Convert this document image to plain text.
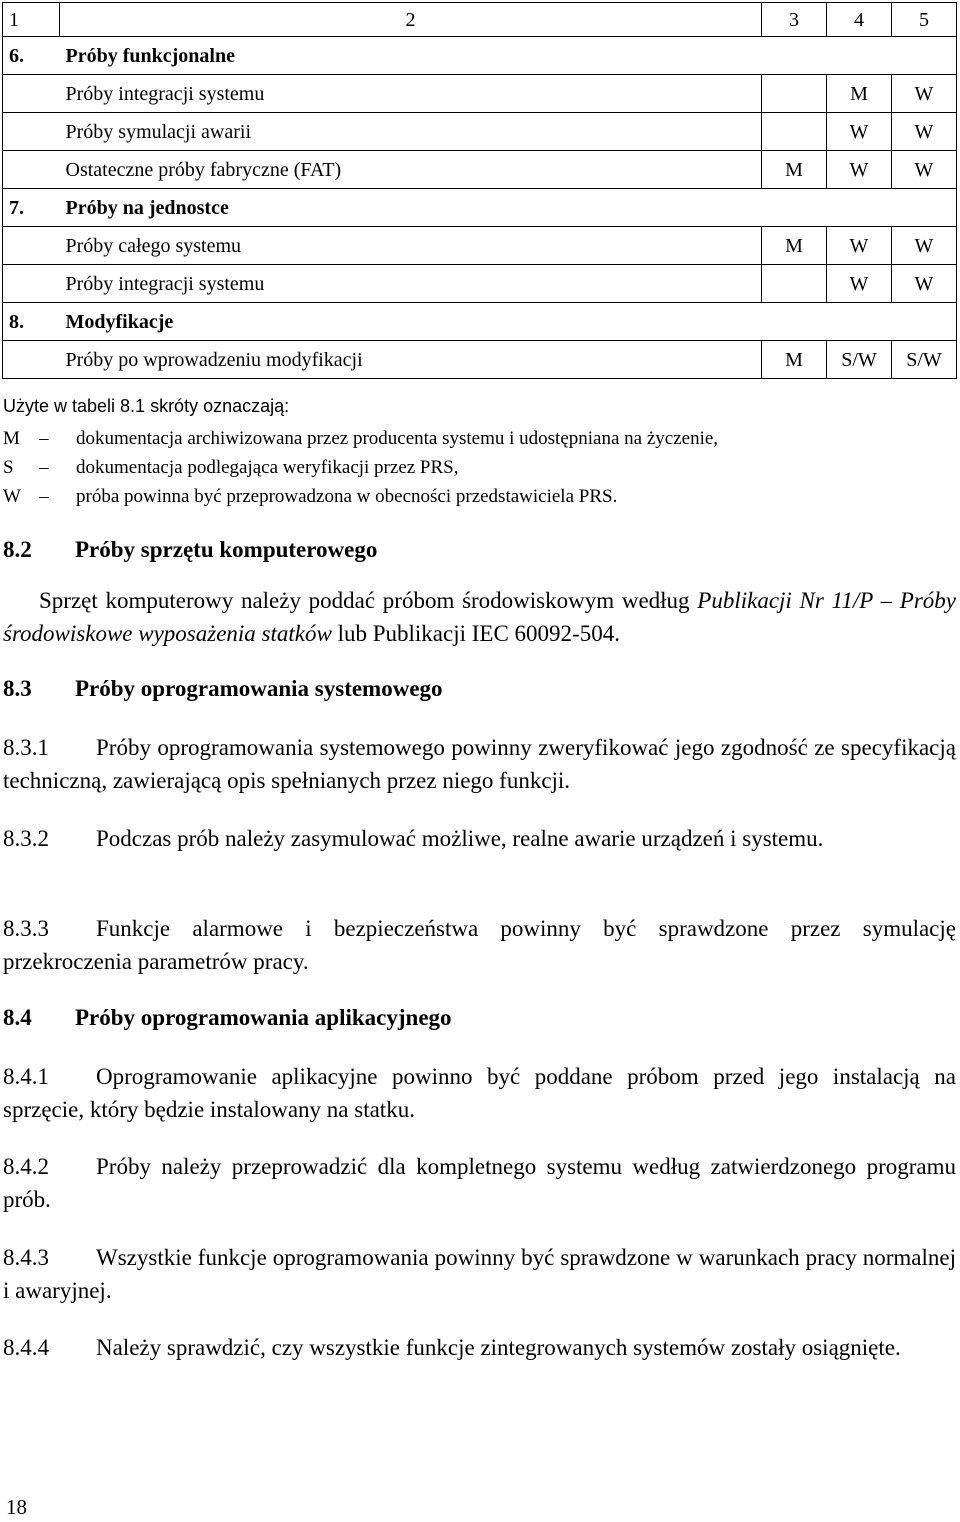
1	2	3	4	5
6.	Próby funkcjonalne			
	Próby integracji systemu		M	W
	Próby symulacji awarii		W	W
	Ostateczne próby fabryczne (FAT)	M	W	W
7.	Próby na jednostce			
	Próby całego systemu	M	W	W
	Próby integracji systemu		W	W
8.	Modyfikacje			
	Próby po wprowadzeniu modyfikacji	M	S/W	S/W
Użyte w tabeli 8.1 skróty oznaczają:
M – dokumentacja archiwizowana przez producenta systemu i udostępniana na życzenie,
S – dokumentacja podlegająca weryfikacji przez PRS,
W – próba powinna być przeprowadzona w obecności przedstawiciela PRS.
8.2 Próby sprzętu komputerowego
Sprzęt komputerowy należy poddać próbom środowiskowym według Publikacji Nr 11/P – Próby środowiskowe wyposażenia statków lub Publikacji IEC 60092-504.
8.3 Próby oprogramowania systemowego
8.3.1 Próby oprogramowania systemowego powinny zweryfikować jego zgodność ze specyfikacją techniczną, zawierającą opis spełnianych przez niego funkcji.
8.3.2 Podczas prób należy zasymulować możliwe, realne awarie urządzeń i systemu.
8.3.3 Funkcje alarmowe i bezpieczeństwa powinny być sprawdzone przez symulację przekroczenia parametrów pracy.
8.4 Próby oprogramowania aplikacyjnego
8.4.1 Oprogramowanie aplikacyjne powinno być poddane próbom przed jego instalacją na sprzęcie, który będzie instalowany na statku.
8.4.2 Próby należy przeprowadzić dla kompletnego systemu według zatwierdzonego programu prób.
8.4.3 Wszystkie funkcje oprogramowania powinny być sprawdzone w warunkach pracy normalnej i awaryjnej.
8.4.4 Należy sprawdzić, czy wszystkie funkcje zintegrowanych systemów zostały osiągnięte.
18
